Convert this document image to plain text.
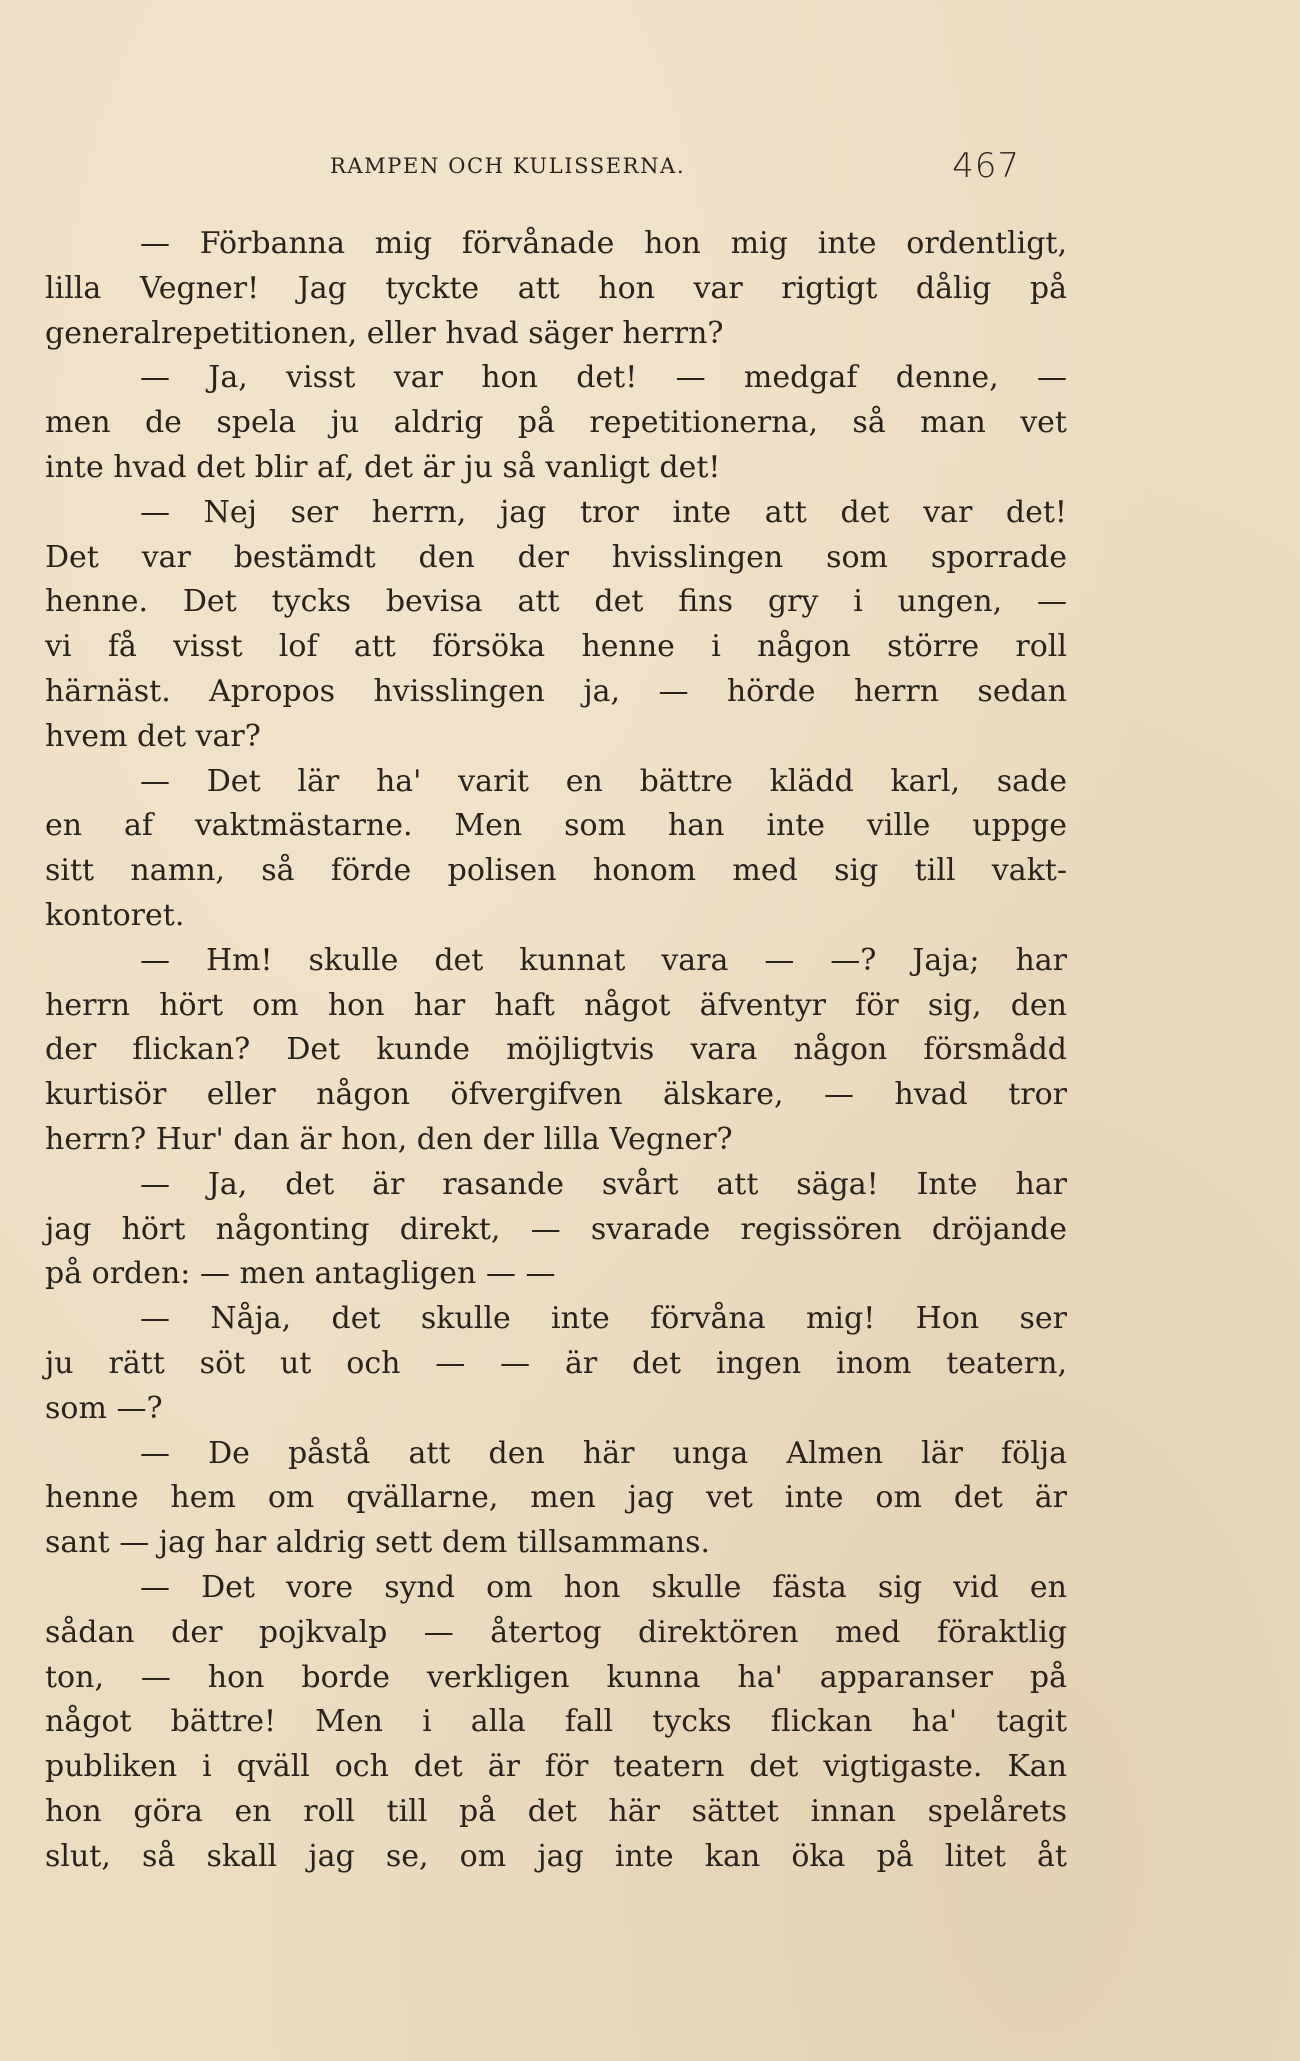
RAMPEN OCH KULISSERNA.	467
— Förbanna mig förvånade hon mig inte ordentligt,
lilla Vegner! Jag tyckte att hon var rigtigt dålig på
generalrepetitionen, eller hvad säger herrn?
— Ja, visst var hon det! — medgaf denne, —
men de spela ju aldrig på repetitionerna, så man vet
inte hvad det blir af, det är ju så vanligt det!
— Nej ser herrn, jag tror inte att det var det!
Det var bestämdt den der hvisslingen som sporrade
henne. Det tycks bevisa att det fins gry i ungen, —
vi få visst lof att försöka henne i någon större roll
härnäst. Apropos hvisslingen ja, — hörde herrn sedan
hvem det var?
— Det lär ha' varit en bättre klädd karl, sade
en af vaktmästarne. Men som han inte ville uppge
sitt namn, så förde polisen honom med sig till vakt-
kontoret.
— Hm! skulle det kunnat vara — —? Jaja; har
herrn hört om hon har haft något äfventyr för sig, den
der flickan? Det kunde möjligtvis vara någon försmådd
kurtisör eller någon öfvergifven älskare, — hvad tror
herrn? Hur' dan är hon, den der lilla Vegner?
— Ja, det är rasande svårt att säga! Inte har
jag hört någonting direkt, — svarade regissören dröjande
på orden: — men antagligen — —
— Nåja, det skulle inte förvåna mig! Hon ser
ju rätt söt ut och — — är det ingen inom teatern,
som —?
— De påstå att den här unga Almen lär följa
henne hem om qvällarne, men jag vet inte om det är
sant — jag har aldrig sett dem tillsammans.
— Det vore synd om hon skulle fästa sig vid en
sådan der pojkvalp — återtog direktören med föraktlig
ton, — hon borde verkligen kunna ha' apparanser på
något bättre! Men i alla fall tycks flickan ha' tagit
publiken i qväll och det är för teatern det vigtigaste. Kan
hon göra en roll till på det här sättet innan spelårets
slut, så skall jag se, om jag inte kan öka på litet åt
